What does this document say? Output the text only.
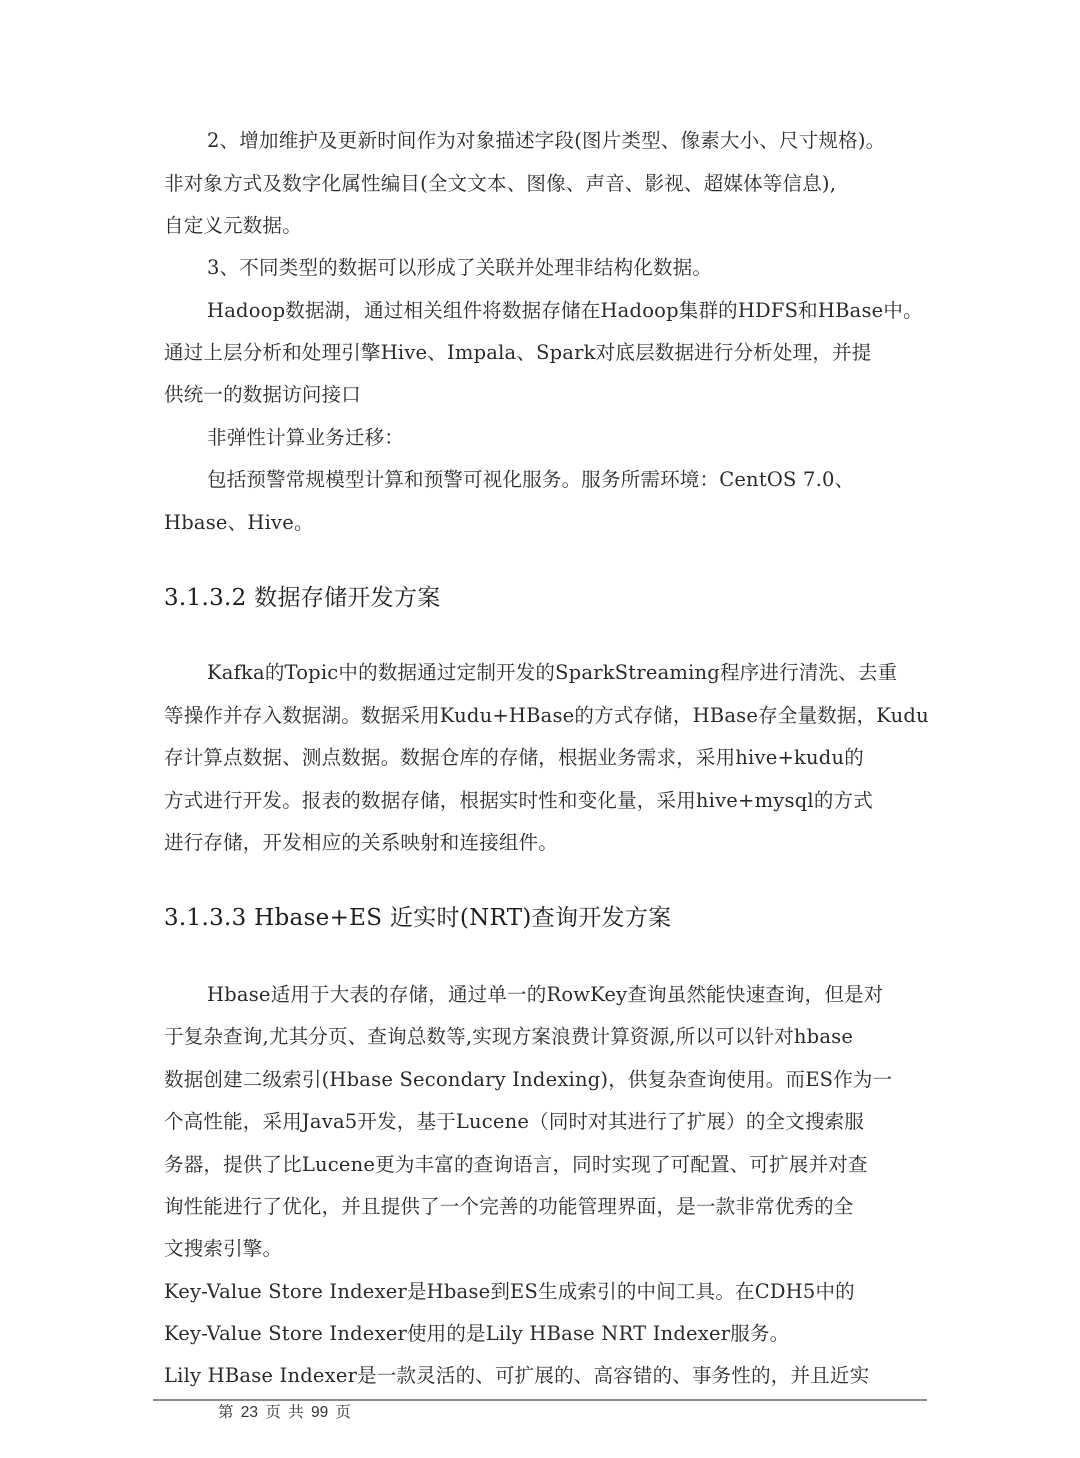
2、增加维护及更新时间作为对象描述字段(图片类型、像素大小、尺寸规格)。
非对象方式及数字化属性编目(全文文本、图像、声音、影视、超媒体等信息),
自定义元数据。
3、不同类型的数据可以形成了关联并处理非结构化数据。
Hadoop数据湖，通过相关组件将数据存储在Hadoop集群的HDFS和HBase中。
通过上层分析和处理引擎Hive、Impala、Spark对底层数据进行分析处理，并提
供统一的数据访问接口
非弹性计算业务迁移：
包括预警常规模型计算和预警可视化服务。服务所需环境：CentOS 7.0、
Hbase、Hive。
3.1.3.2 数据存储开发方案
Kafka的Topic中的数据通过定制开发的SparkStreaming程序进行清洗、去重
等操作并存入数据湖。数据采用Kudu+HBase的方式存储，HBase存全量数据，Kudu
存计算点数据、测点数据。数据仓库的存储，根据业务需求，采用hive+kudu的
方式进行开发。报表的数据存储，根据实时性和变化量，采用hive+mysql的方式
进行存储，开发相应的关系映射和连接组件。
3.1.3.3 Hbase+ES 近实时(NRT)查询开发方案
Hbase适用于大表的存储，通过单一的RowKey查询虽然能快速查询，但是对
于复杂查询,尤其分页、查询总数等,实现方案浪费计算资源,所以可以针对hbase
数据创建二级索引(Hbase Secondary Indexing)，供复杂查询使用。而ES作为一
个高性能，采用Java5开发，基于Lucene（同时对其进行了扩展）的全文搜索服
务器，提供了比Lucene更为丰富的查询语言，同时实现了可配置、可扩展并对查
询性能进行了优化，并且提供了一个完善的功能管理界面，是一款非常优秀的全
文搜索引擎。
Key-Value Store Indexer是Hbase到ES生成索引的中间工具。在CDH5中的
Key-Value Store Indexer使用的是Lily HBase NRT Indexer服务。
Lily HBase Indexer是一款灵活的、可扩展的、高容错的、事务性的，并且近实
第 23 页 共 99 页
